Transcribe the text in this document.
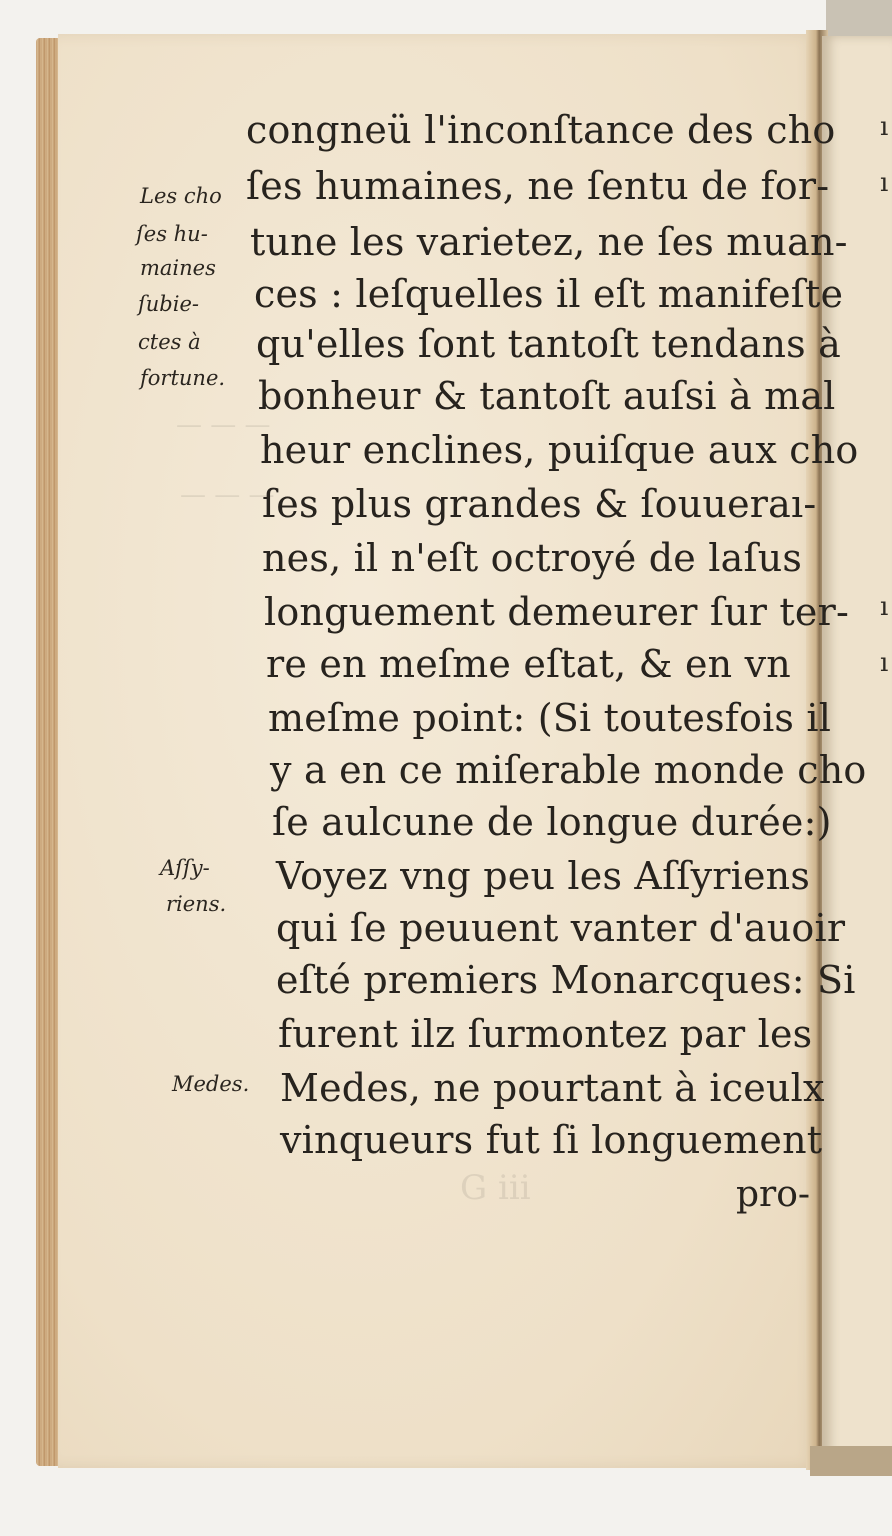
— — —
— — —
G iii
ı
ı
ı
ı
congneü l'inconſtance des cho
ſes humaines, ne ſentu de for-
tune les varietez, ne ſes muan-
ces : leſquelles il eſt manifeſte
qu'elles ſont tantoſt tendans à
bonheur & tantoſt auſsi à mal
heur enclines, puiſque aux cho
ſes plus grandes & ſouueraı-
nes, il n'eſt octroyé de laſus
longuement demeurer ſur ter-
re en meſme eſtat, & en vn
meſme point: (Si toutesfois il
y a en ce miſerable monde cho
ſe aulcune de longue durée:)
Voyez vng peu les Aſſyriens
qui ſe peuuent vanter d'auoir
eſté premiers Monarcques: Si
furent ilz ſurmontez par les
Medes, ne pourtant à iceulx
vinqueurs fut ſi longuement
pro-
Les cho
ſes hu-
maines
ſubie-
ctes à
fortune.
Aſſy-
riens.
Medes.
